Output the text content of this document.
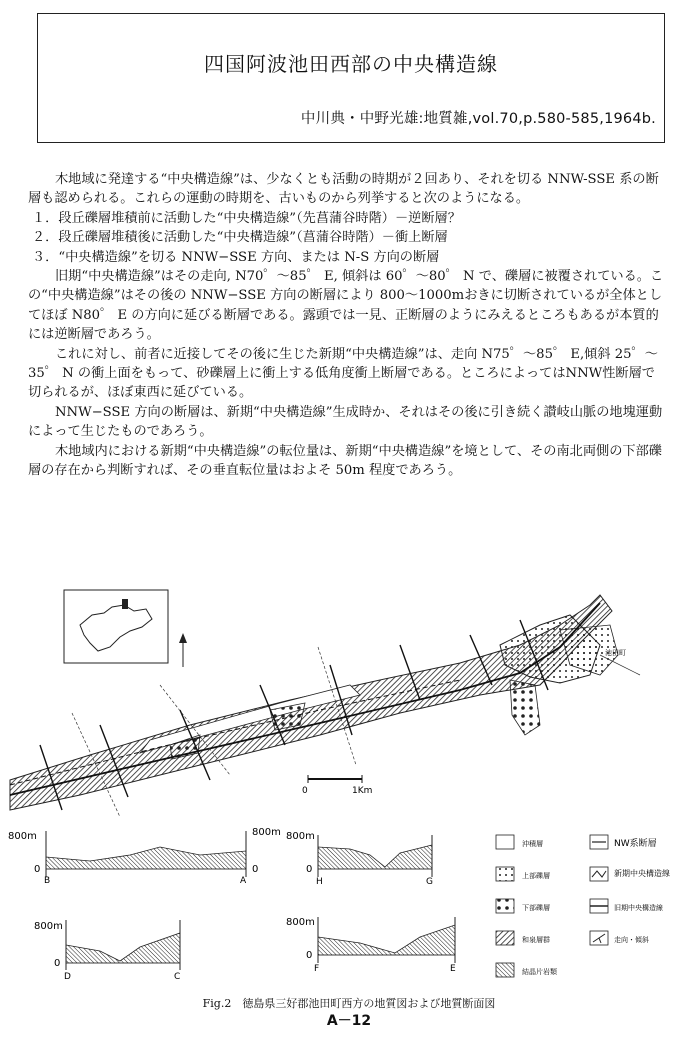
四国阿波池田西部の中央構造線
中川典・中野光雄:地質雑,vol.70,p.580-585,1964b.

木地域に発達する“中央構造線”は、少なくとも活動の時期が２回あり、それを切る NNW-SSE 系の断層も認められる。これらの運動の時期を、古いものから列挙すると次のようになる。

１．段丘礫層堆積前に活動した“中央構造線”（先菖蒲谷時階）－逆断層？

２．段丘礫層堆積後に活動した“中央構造線”（菖蒲谷時階）－衝上断層

３．“中央構造線”を切る NNW−SSE 方向、または N-S 方向の断層

旧期“中央構造線”はその走向, N70゜～85゜ E, 傾斜は 60゜～80゜ N で、礫層に被覆されている。この“中央構造線”はその後の NNW−SSE 方向の断層により 800～1000mおきに切断されているが全体としてほぼ N80゜ E の方向に延びる断層である。露頭では一見、正断層のようにみえるところもあるが本質的には逆断層であろう。

これに対し、前者に近接してその後に生じた新期“中央構造線”は、走向 N75゜～85゜ E,傾斜 25゜～35゜ N の衝上面をもって、砂礫層上に衝上する低角度衝上断層である。ところによってはNNW性断層で切られるが、ほぼ東西に延びている。

NNW−SSE 方向の断層は、新期“中央構造線”生成時か、それはその後に引き続く讃岐山脈の地塊運動によって生じたものであろう。

木地域内における新期“中央構造線”の転位量は、新期“中央構造線”を境として、その南北両側の下部礫層の存在から判断すれば、その垂直転位量はおよそ 50m 程度であろう。

池田町
0	1Km
800m
0
B	A
800m
0
800m
0
H	G
800m
0
D	C
800m
0
F	E
沖積層
上部礫層
下部礫層
和泉層群
結晶片岩類
NW系断層
新期中央構造線
旧期中央構造線
走向・傾斜
Fig.2　徳島県三好郡池田町西方の地質図および地質断面図
A－12
